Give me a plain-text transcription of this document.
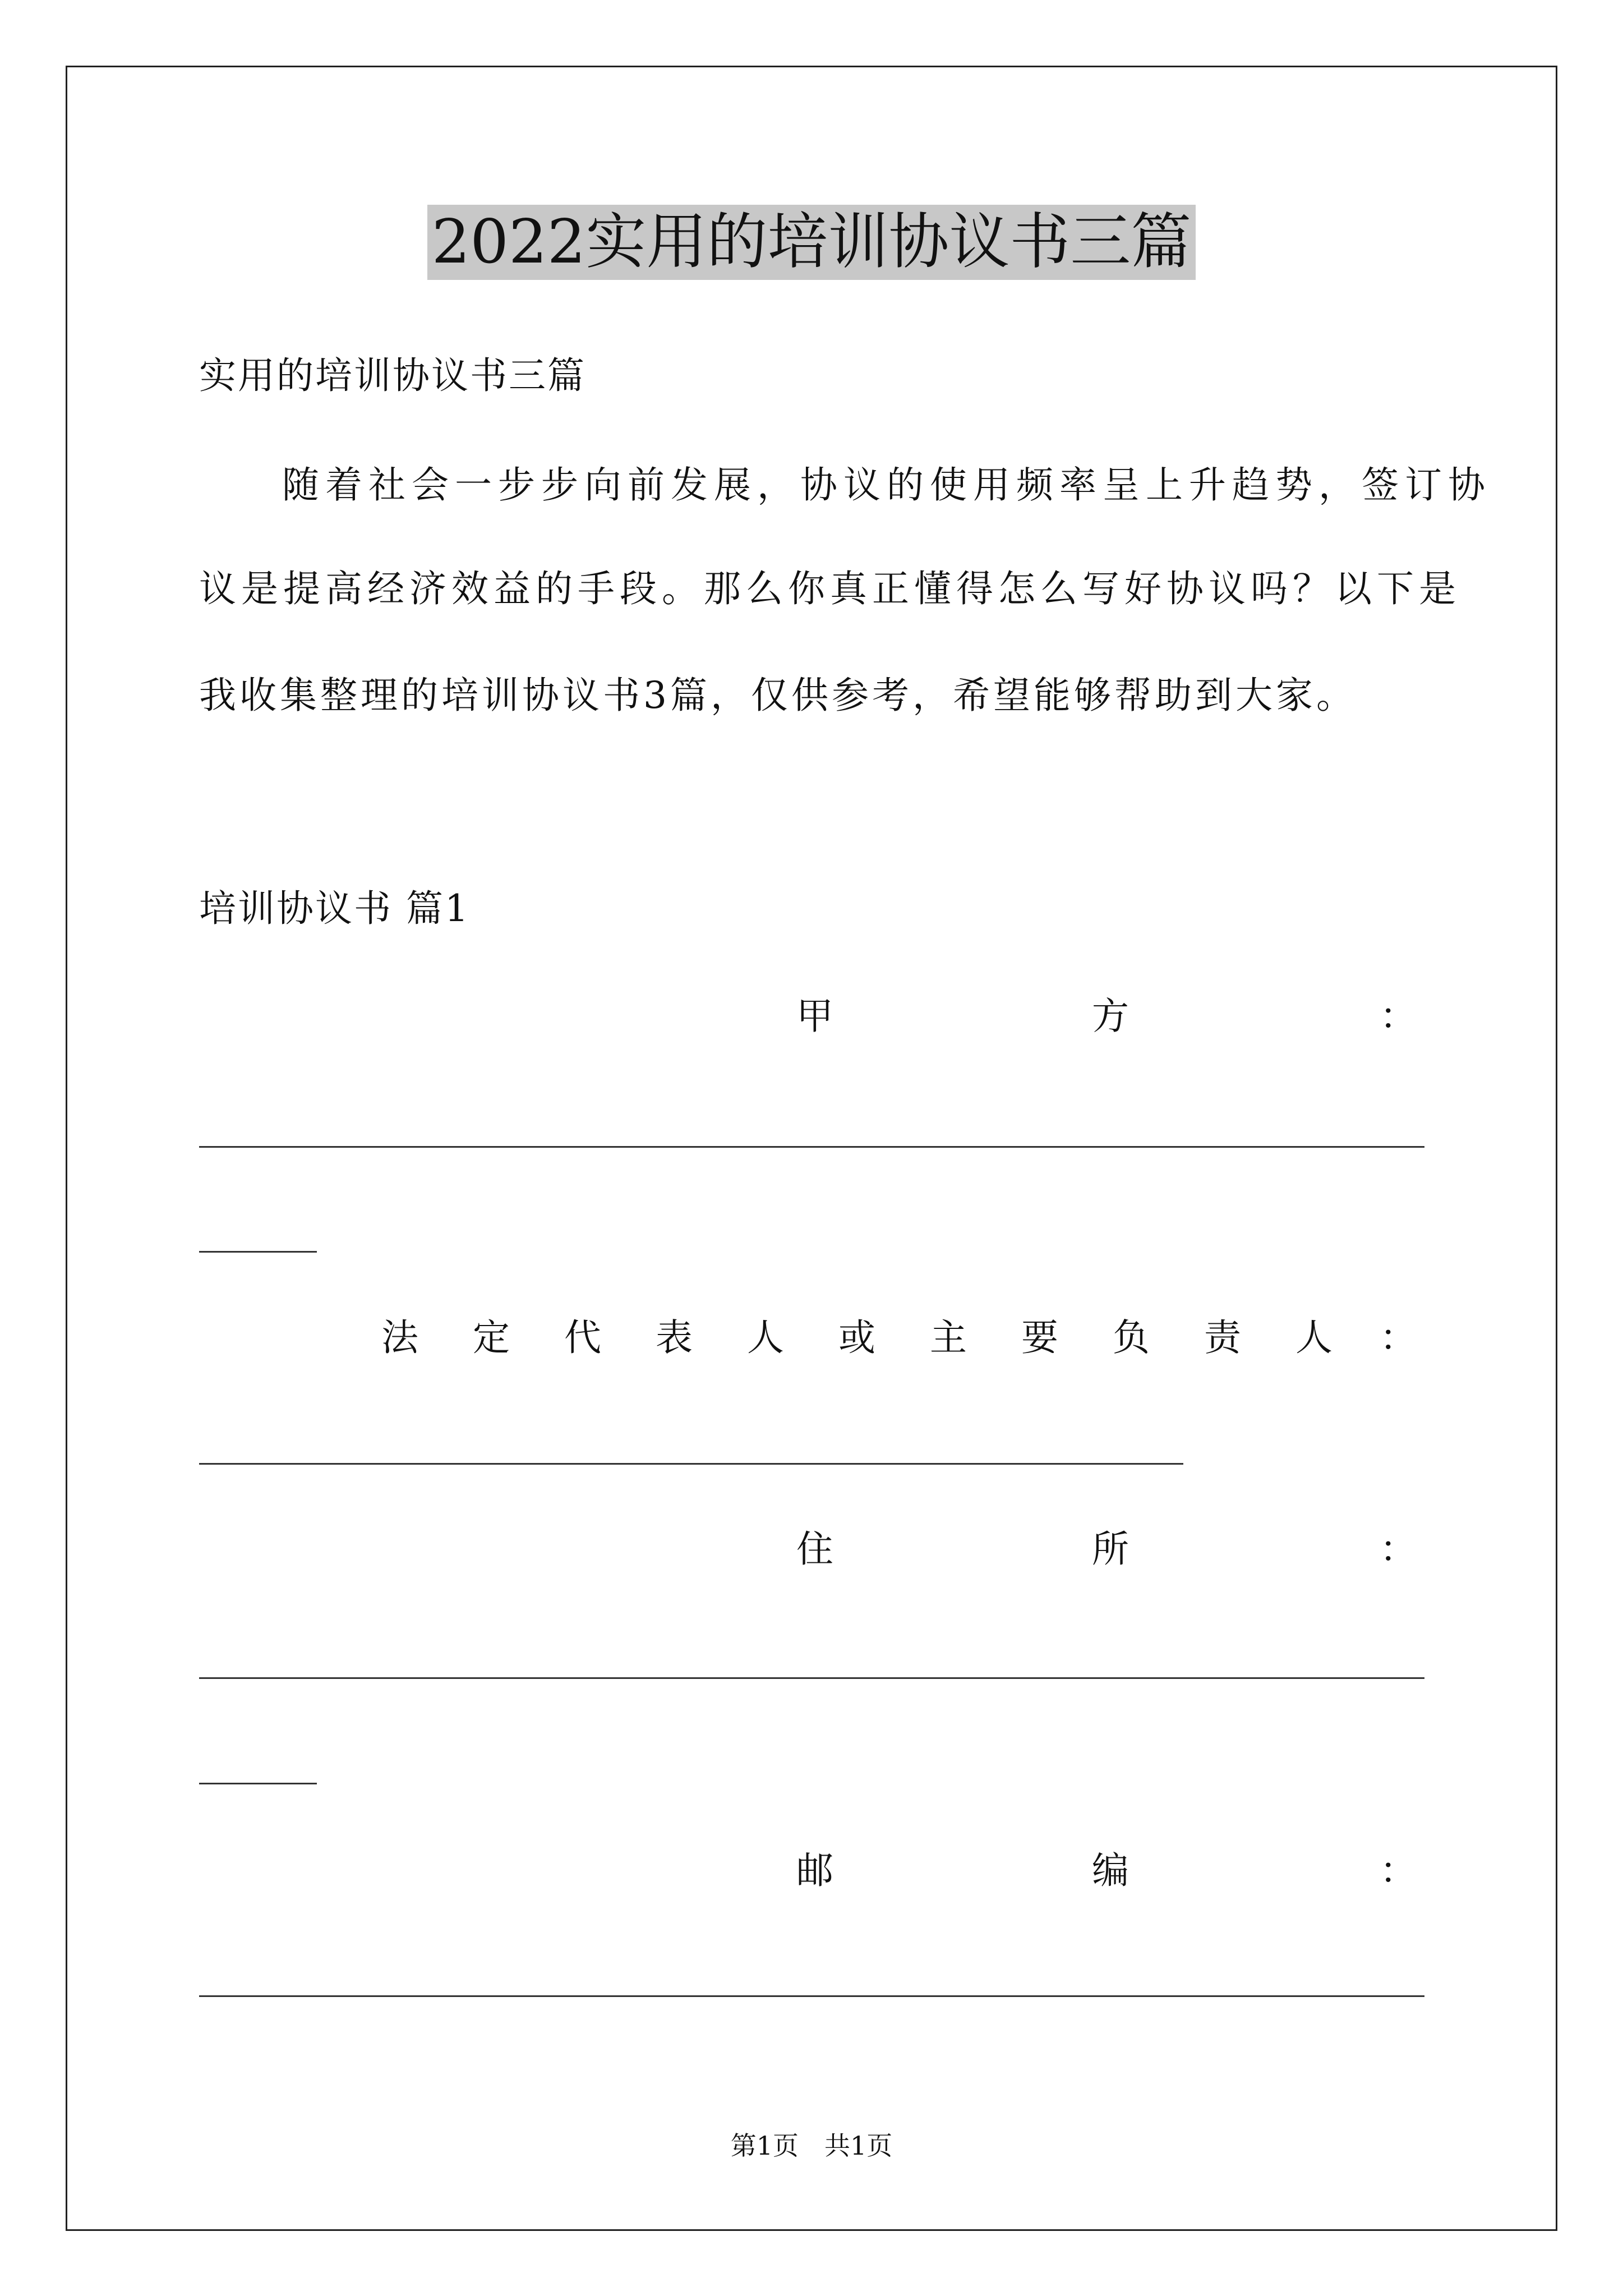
2022实用的培训协议书三篇
实用的培训协议书三篇
随着社会一步步向前发展，协议的使用频率呈上升趋势，签订协
议是提高经济效益的手段。那么你真正懂得怎么写好协议吗？以下是
我收集整理的培训协议书3篇，仅供参考，希望能够帮助到大家。
培训协议书 篇1
甲	方	：
法 定 代 表 人 或 主 要 负 责 人 ：
住	所	：
邮	编	：
第1页　共1页
